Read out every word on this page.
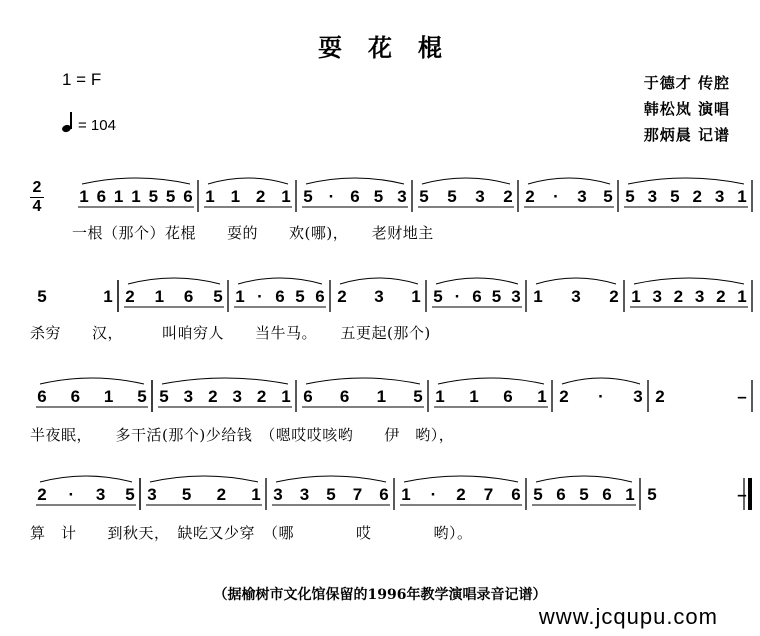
耍花棍
1 = F
= 104
于德才 传腔
韩松岚 演唱
那炳晨 记谱
2
4
1 6 1 1 5 5 6 1 1 2 1 5 · 6 5 3 5 5 3 2 2 · 3 5 5 3 5 2 3 1
5	1 2 1 6 5 1 · 6 5 6 2 3 1 5 · 6 5 3 1 3 2 1 3 2 3 2 1
6 6 1 5 5 3 2 3 2 1 6 6 1 5 1 1 6 1 2 · 3 2	–
2 · 3 5 3 5 2 1 3 3 5 7 6 1 · 2 7 6 5 6 5 6 1 5	–
一根（那个）花棍　　耍的　　欢(哪)，　　老财地主
杀穷　　汉，　　　叫咱穷人　　当牛马。　　五更起(那个)
半夜眠，　　多干活(那个)少给钱　（嗯哎哎咳哟　　伊　哟），
算　计　　到秋天，　缺吃又少穿　（哪　　　　哎　　　　哟）。
（据榆树市文化馆保留的1996年教学演唱录音记谱）
www.jcqupu.com
